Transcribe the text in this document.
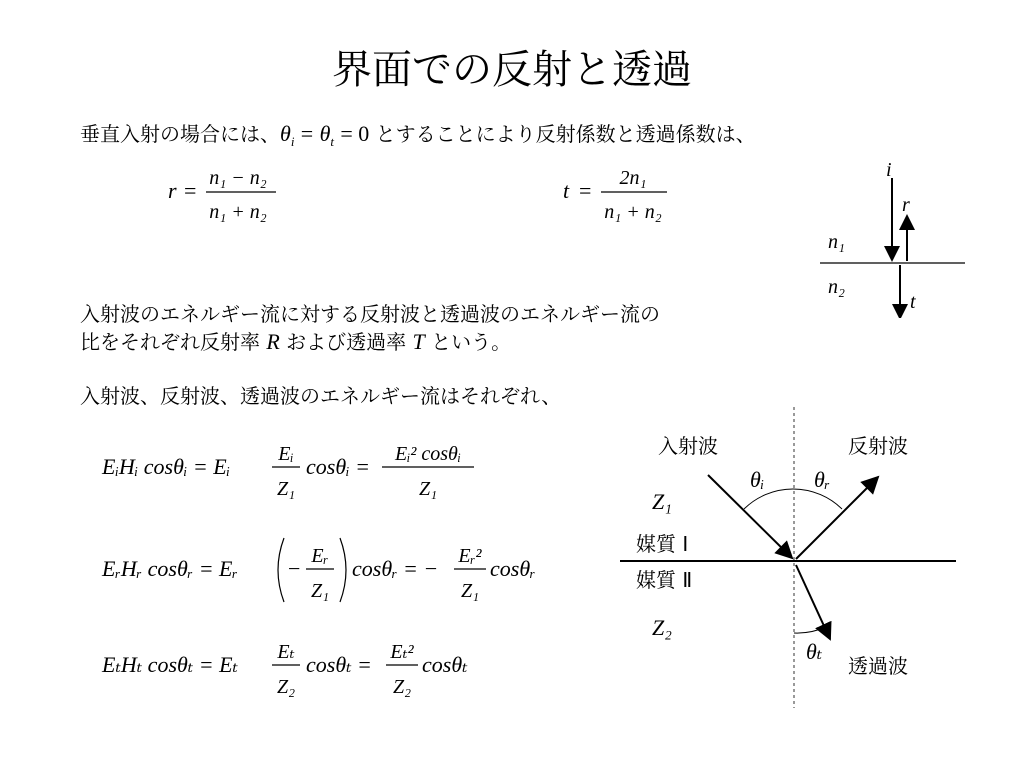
界面での反射と透過
垂直入射の場合には、$\theta_i = \theta_t = 0$ とすることにより反射係数と透過係数は、
r = n₁ − n₂
n₁ + n₂
t = 2n₁
n₁ + n₂
i
r
t
n₁
n₂
入射波のエネルギー流に対する反射波と透過波のエネルギー流の
比をそれぞれ反射率 R および透過率 T という。
入射波、反射波、透過波のエネルギー流はそれぞれ、
EᵢHᵢ cosθᵢ = Eᵢ Eᵢ
Z₁
cosθᵢ = Eᵢ² cosθᵢ
Z₁
EᵣHᵣ cosθᵣ = Eᵣ − Eᵣ
Z₁
cosθᵣ = − Eᵣ²
Z₁
cosθᵣ
EₜHₜ cosθₜ = Eₜ Eₜ
Z₂
cosθₜ = Eₜ²
Z₂
cosθₜ
入射波	反射波
透過波
媒質 Ⅰ
媒質 Ⅱ
Z₁
Z₂
θᵢ θᵣ
θₜ
